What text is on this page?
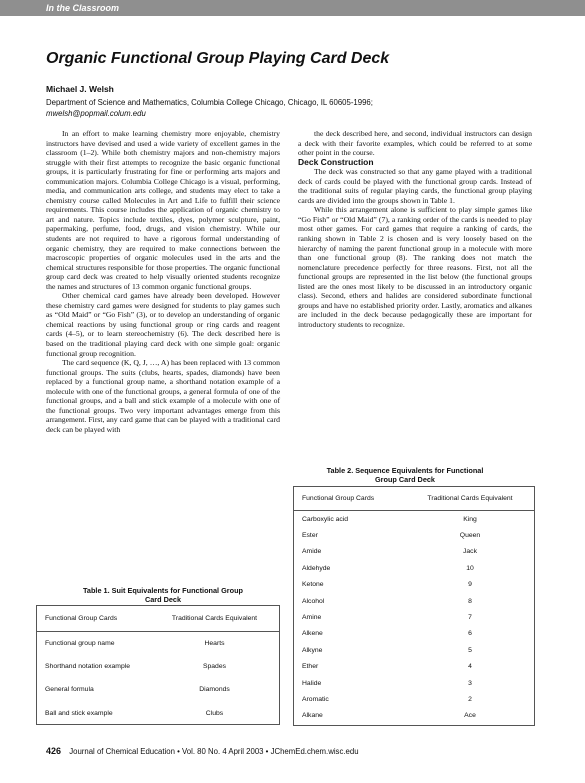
In the Classroom
Organic Functional Group Playing Card Deck
Michael J. Welsh
Department of Science and Mathematics, Columbia College Chicago, Chicago, IL 60605-1996;
mwelsh@popmail.colum.edu

In an effort to make learning chemistry more enjoyable, chemistry instructors have devised and used a wide variety of excellent games in the classroom (1–2). While both chemistry majors and non-chemistry majors struggle with their first attempts to recognize the basic organic functional groups, it is particularly frustrating for fine or performing arts majors and communication majors. Columbia College Chicago is a visual, performing, media, and communication arts college, and students may elect to take a chemistry course called Molecules in Art and Life to fulfill their science requirements. This course includes the application of organic chemistry to art and nature. Topics include textiles, dyes, polymer sculpture, paint, papermaking, perfume, food, drugs, and vision chemistry. While our students are not required to have a rigorous formal understanding of organic chemistry, they are required to make connections between the macroscopic properties of organic molecules used in the arts and the chemical structures responsible for those properties. The organic functional group card deck was created to help visually oriented students recognize the names and structures of 13 common organic functional groups.

Other chemical card games have already been developed. However these chemistry card games were designed for students to play games such as “Old Maid” or “Go Fish” (3), or to develop an understanding of organic chemical reactions by using functional group or ring cards and reagent cards (4–5), or to learn stereochemistry (6). The deck described here is based on the traditional playing card deck with one simple goal: organic functional group recognition.

The card sequence (K, Q, J, …, A) has been replaced with 13 common functional groups. The suits (clubs, hearts, spades, diamonds) have been replaced by a functional group name, a shorthand notation example of a molecule with one of the functional groups, a general formula of one of the functional groups, and a ball and stick example of a molecule with one of the functional groups. Two very important advantages emerge from this arrangement. First, any card game that can be played with a traditional card deck can be played with

the deck described here, and second, individual instructors can design a deck with their favorite examples, which could be referred to at some other point in the course.

Deck Construction

The deck was constructed so that any game played with a traditional deck of cards could be played with the functional group cards. Instead of the traditional suits of regular playing cards, the functional group playing cards are divided into the groups shown in Table 1.

While this arrangement alone is sufficient to play simple games like “Go Fish” or “Old Maid” (7), a ranking order of the cards is needed to play most other games. For card games that require a ranking of cards, the ranking shown in Table 2 is chosen and is very loosely based on the hierarchy of naming the parent functional group in a molecule with more than one functional group (8). The ranking does not match the nomenclature precedence perfectly for three reasons. First, not all the functional groups are represented in the list below (the functional groups listed are the ones most likely to be discussed in an introductory organic class). Second, ethers and halides are considered subordinate functional groups and have no established priority order. Lastly, aromatics and alkanes are included in the deck because pedagogically these are important for introductory students to recognize.

Table 1. Suit Equivalents for Functional Group Card Deck
Functional Group Cards	Traditional Cards Equivalent
Functional group name	Hearts
Shorthand notation example	Spades
General formula	Diamonds
Ball and stick example	Clubs
Table 2. Sequence Equivalents for Functional Group Card Deck
Functional Group Cards	Traditional Cards Equivalent
Carboxylic acid	King
Ester	Queen
Amide	Jack
Aldehyde	10
Ketone	9
Alcohol	8
Amine	7
Alkene	6
Alkyne	5
Ether	4
Halide	3
Aromatic	2
Alkane	Ace
426 Journal of Chemical Education • Vol. 80 No. 4 April 2003 • JChemEd.chem.wisc.edu
